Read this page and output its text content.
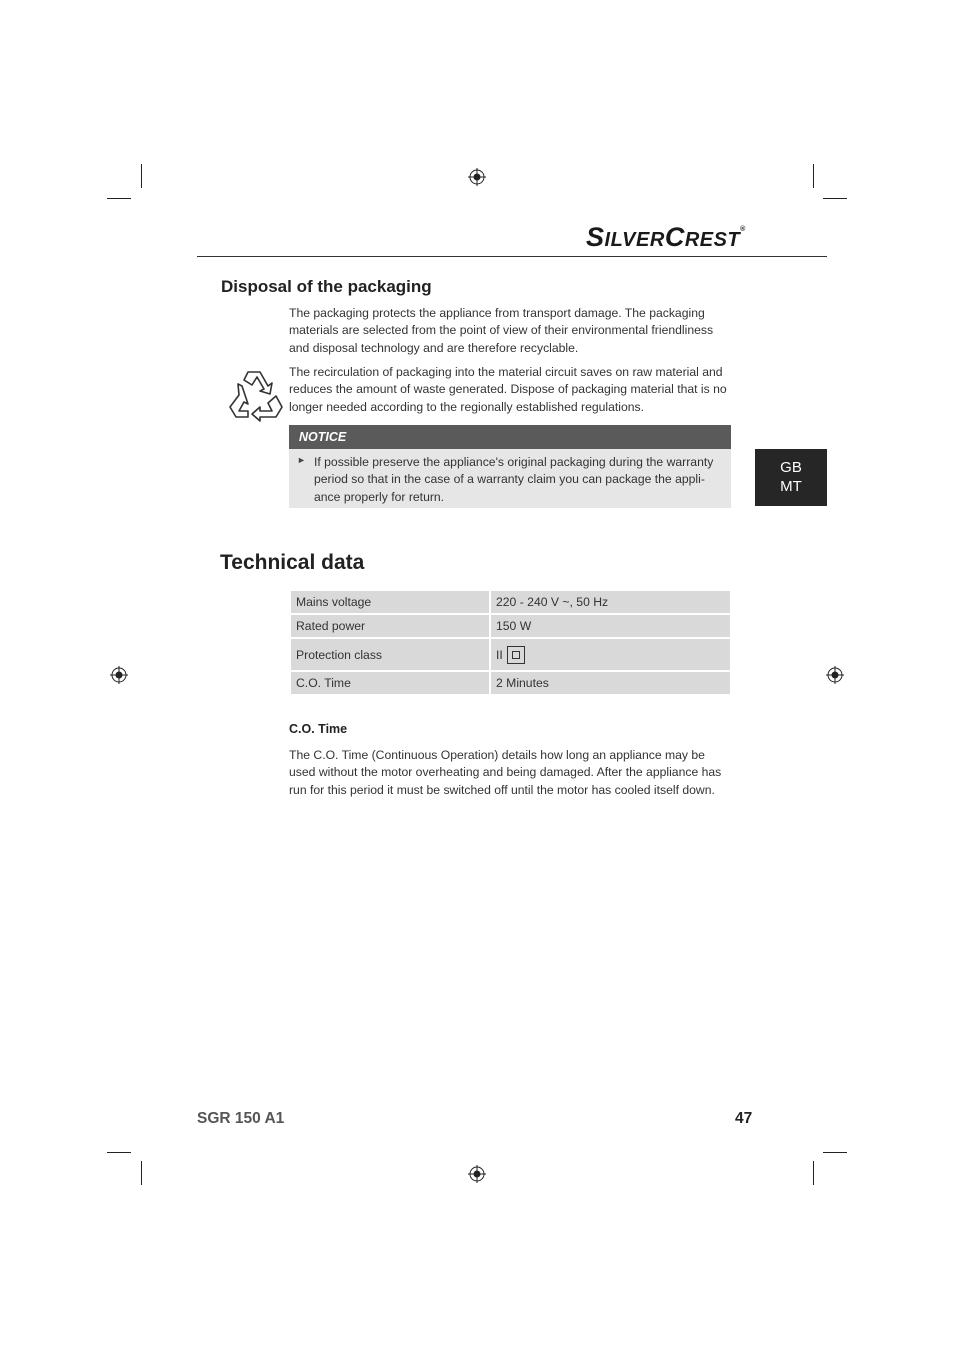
SILVERCREST®
Disposal of the packaging

The packaging protects the appliance from transport damage. The packaging materials are selected from the point of view of their environmental friendliness and disposal technology and are therefore recyclable.

The recirculation of packaging into the material circuit saves on raw material and reduces the amount of waste generated. Dispose of packaging material that is no longer needed according to the regionally established regulations.

NOTICE
► If possible preserve the appliance's original packaging during the warranty period so that in the case of a warranty claim you can package the appli-ance properly for return.
GB
MT
Technical data
Mains voltage	220 - 240 V ~, 50 Hz
Rated power	150 W
Protection class	II
C.O. Time	2 Minutes
C.O. Time

The C.O. Time (Continuous Operation) details how long an appliance may be used without the motor overheating and being damaged. After the appliance has run for this period it must be switched off until the motor has cooled itself down.

SGR 150 A1	47
